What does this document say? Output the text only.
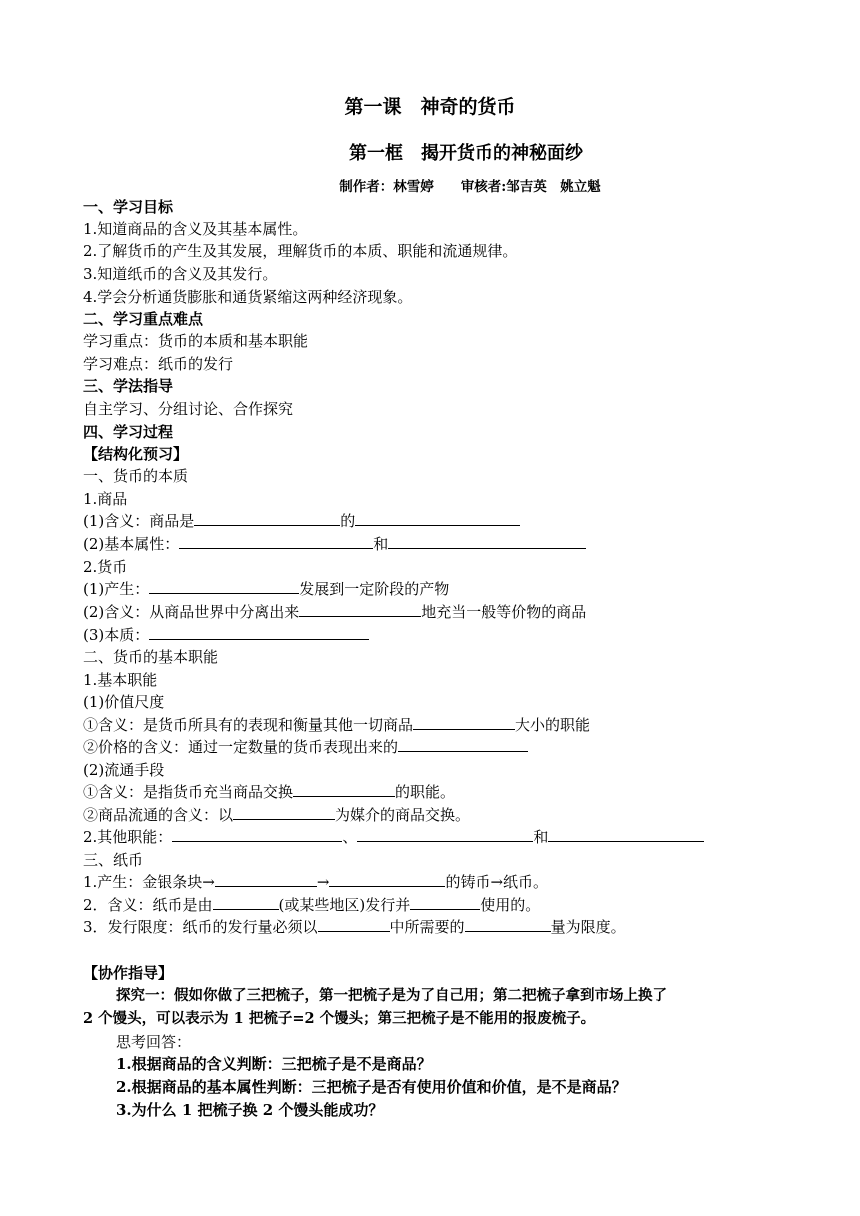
第一课　神奇的货币
第一框　揭开货币的神秘面纱
制作者：林雪婷　　审核者:邹吉英　姚立魁
一、学习目标
1.知道商品的含义及其基本属性。
2.了解货币的产生及其发展，理解货币的本质、职能和流通规律。
3.知道纸币的含义及其发行。
4.学会分析通货膨胀和通货紧缩这两种经济现象。
二、学习重点难点
学习重点：货币的本质和基本职能
学习难点：纸币的发行
三、学法指导
自主学习、分组讨论、合作探究
四、学习过程
【结构化预习】
一、货币的本质
1.商品
(1)含义：商品是	的
(2)基本属性：	和
2.货币
(1)产生：	发展到一定阶段的产物
(2)含义：从商品世界中分离出来	地充当一般等价物的商品
(3)本质：
二、货币的基本职能
1.基本职能
(1)价值尺度
①含义：是货币所具有的表现和衡量其他一切商品	大小的职能
②价格的含义：通过一定数量的货币表现出来的
(2)流通手段
①含义：是指货币充当商品交换	的职能。
②商品流通的含义：以	为媒介的商品交换。
2.其他职能：	、	和
三、纸币
1.产生：金银条块→	→	的铸币→纸币。
2．含义：纸币是由	(或某些地区)发行并	使用的。
3．发行限度：纸币的发行量必须以	中所需要的	量为限度。
【协作指导】
探究一：假如你做了三把梳子，第一把梳子是为了自己用；第二把梳子拿到市场上换了
2 个馒头，可以表示为 1 把梳子=2 个馒头；第三把梳子是不能用的报废梳子。
思考回答：
1.根据商品的含义判断：三把梳子是不是商品？
2.根据商品的基本属性判断：三把梳子是否有使用价值和价值，是不是商品？
3.为什么 1 把梳子换 2 个馒头能成功？
